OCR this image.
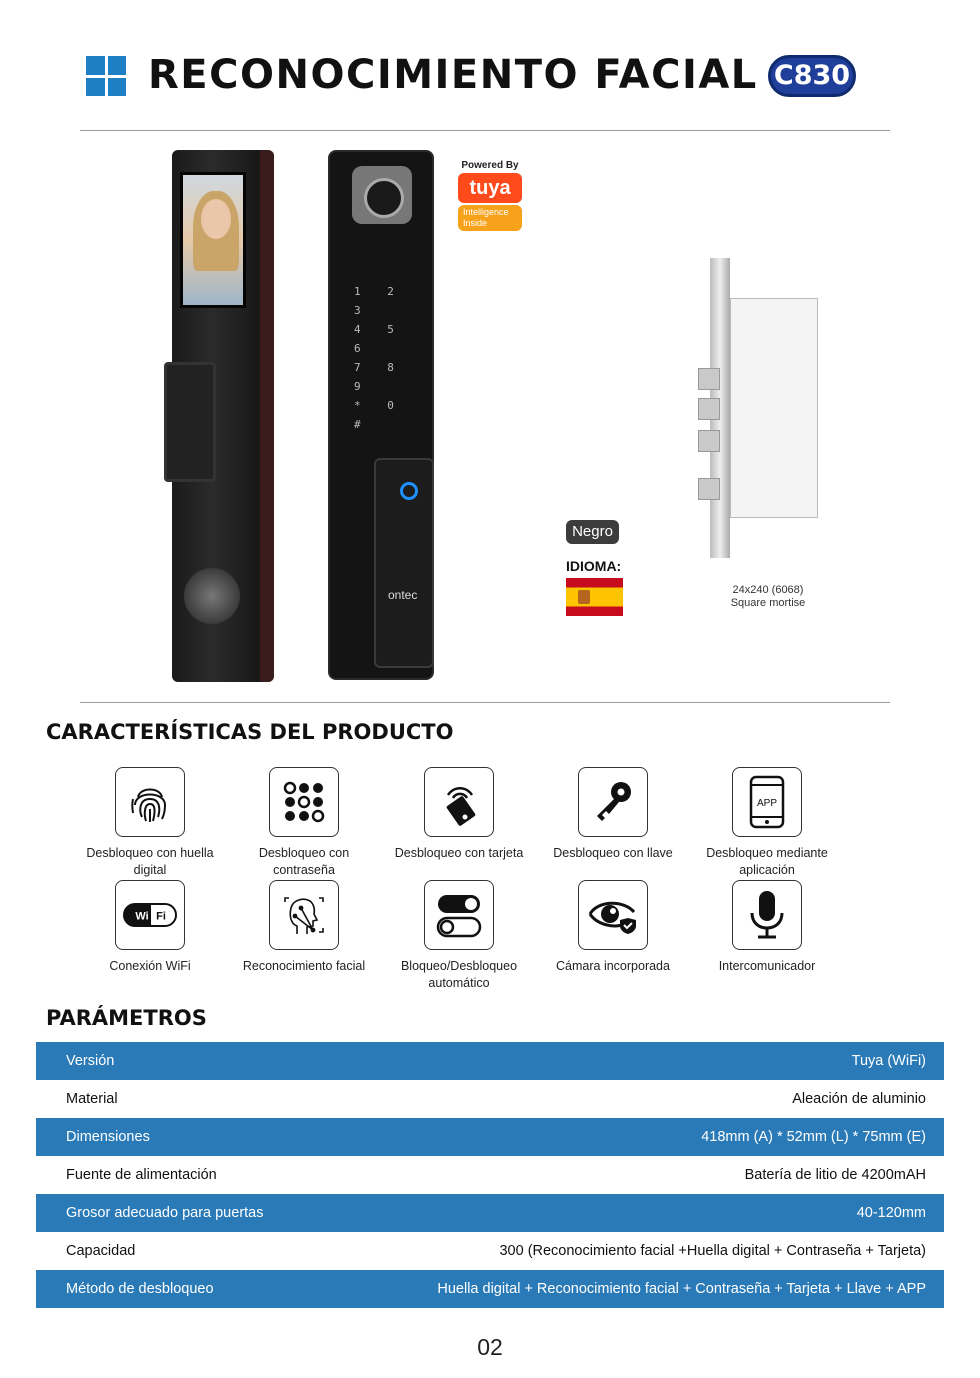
RECONOCIMIENTO FACIAL C830
1 2 3
4 5 6
7 8 9
* 0 #
ontec
Powered By
tuya
Intelligence Inside
24x240 (6068)
Square mortise
Negro
IDIOMA:
CARACTERÍSTICAS DEL PRODUCTO
Desbloqueo con huella digital
Desbloqueo con contraseña
Desbloqueo con tarjeta	Desbloqueo con llave
APP
Desbloqueo mediante aplicación
Wi Fi
Conexión WiFi	Reconocimiento facial	Bloqueo/Desbloqueo automático
Cámara incorporada	Intercomunicador
PARÁMETROS
Versión	Tuya (WiFi)
Material	Aleación de aluminio
Dimensiones	418mm (A) * 52mm (L) * 75mm (E)
Fuente de alimentación	Batería de litio de 4200mAH
Grosor adecuado para puertas	40-120mm
Capacidad	300 (Reconocimiento facial +Huella digital + Contraseña + Tarjeta)
Método de desbloqueo	Huella digital + Reconocimiento facial + Contraseña + Tarjeta + Llave + APP
02
